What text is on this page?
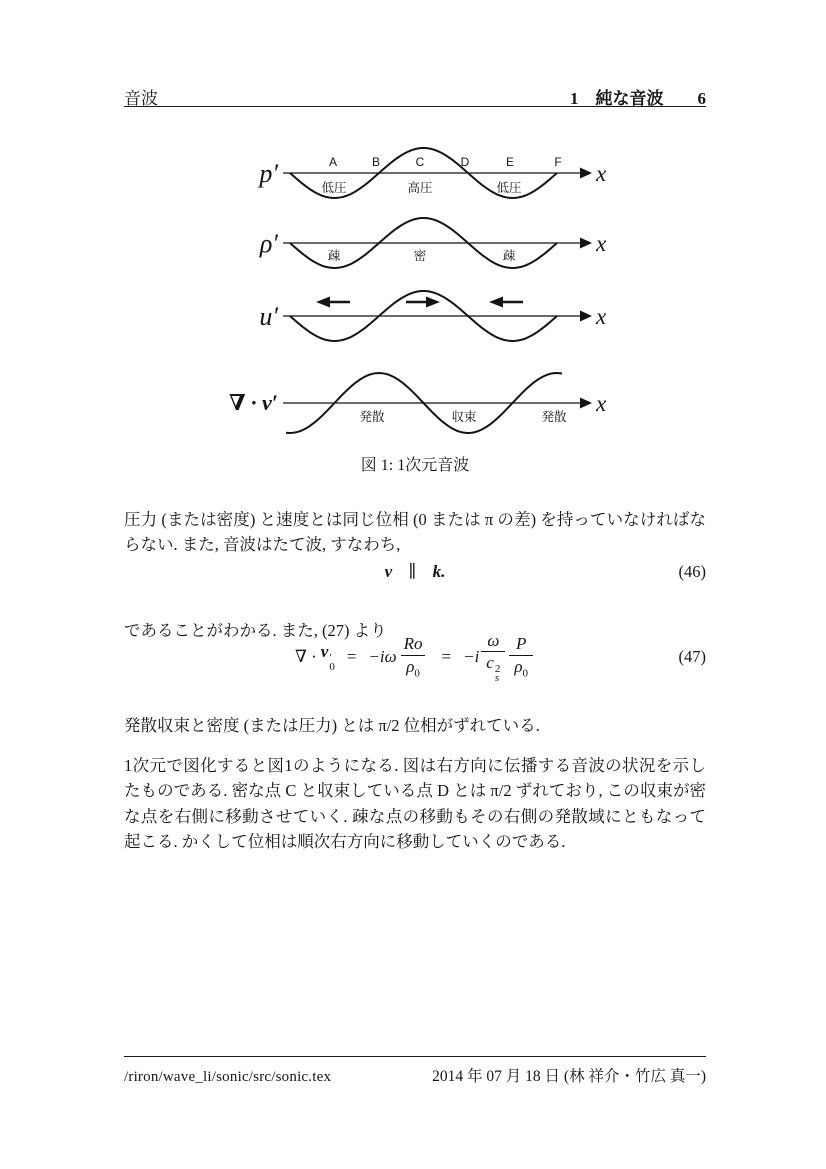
音波	1　純な音波 6
p′	x
A	B	C	D	E	F
低圧	高圧	低圧
ρ′	x
疎	密	疎
u′	x
∇ · v′	x
発散	収束	発散
図 1: 1次元音波

圧力 (または密度) と速度とは同じ位相 (0 または π の差) を持っていなければならない. また, 音波はたて波, すなわち,

v ∥ k.	(46)

であることがわかる. また, (27) より

∇ · v ′
0
= $-i\omega \frac{Ro}{\rho_0} = -i$ ω
c 2
s $\frac{P}{\rho_0}$	(47)

発散収束と密度 (または圧力) とは π/2 位相がずれている.

1次元で図化すると図1のようになる. 図は右方向に伝播する音波の状況を示したものである. 密な点 C と収束している点 D とは π/2 ずれており, この収束が密な点を右側に移動させていく. 疎な点の移動もその右側の発散域にともなって起こる. かくして位相は順次右方向に移動していくのである.

/riron/wave_li/sonic/src/sonic.tex	2014 年 07 月 18 日 (林 祥介・竹広 真一)
